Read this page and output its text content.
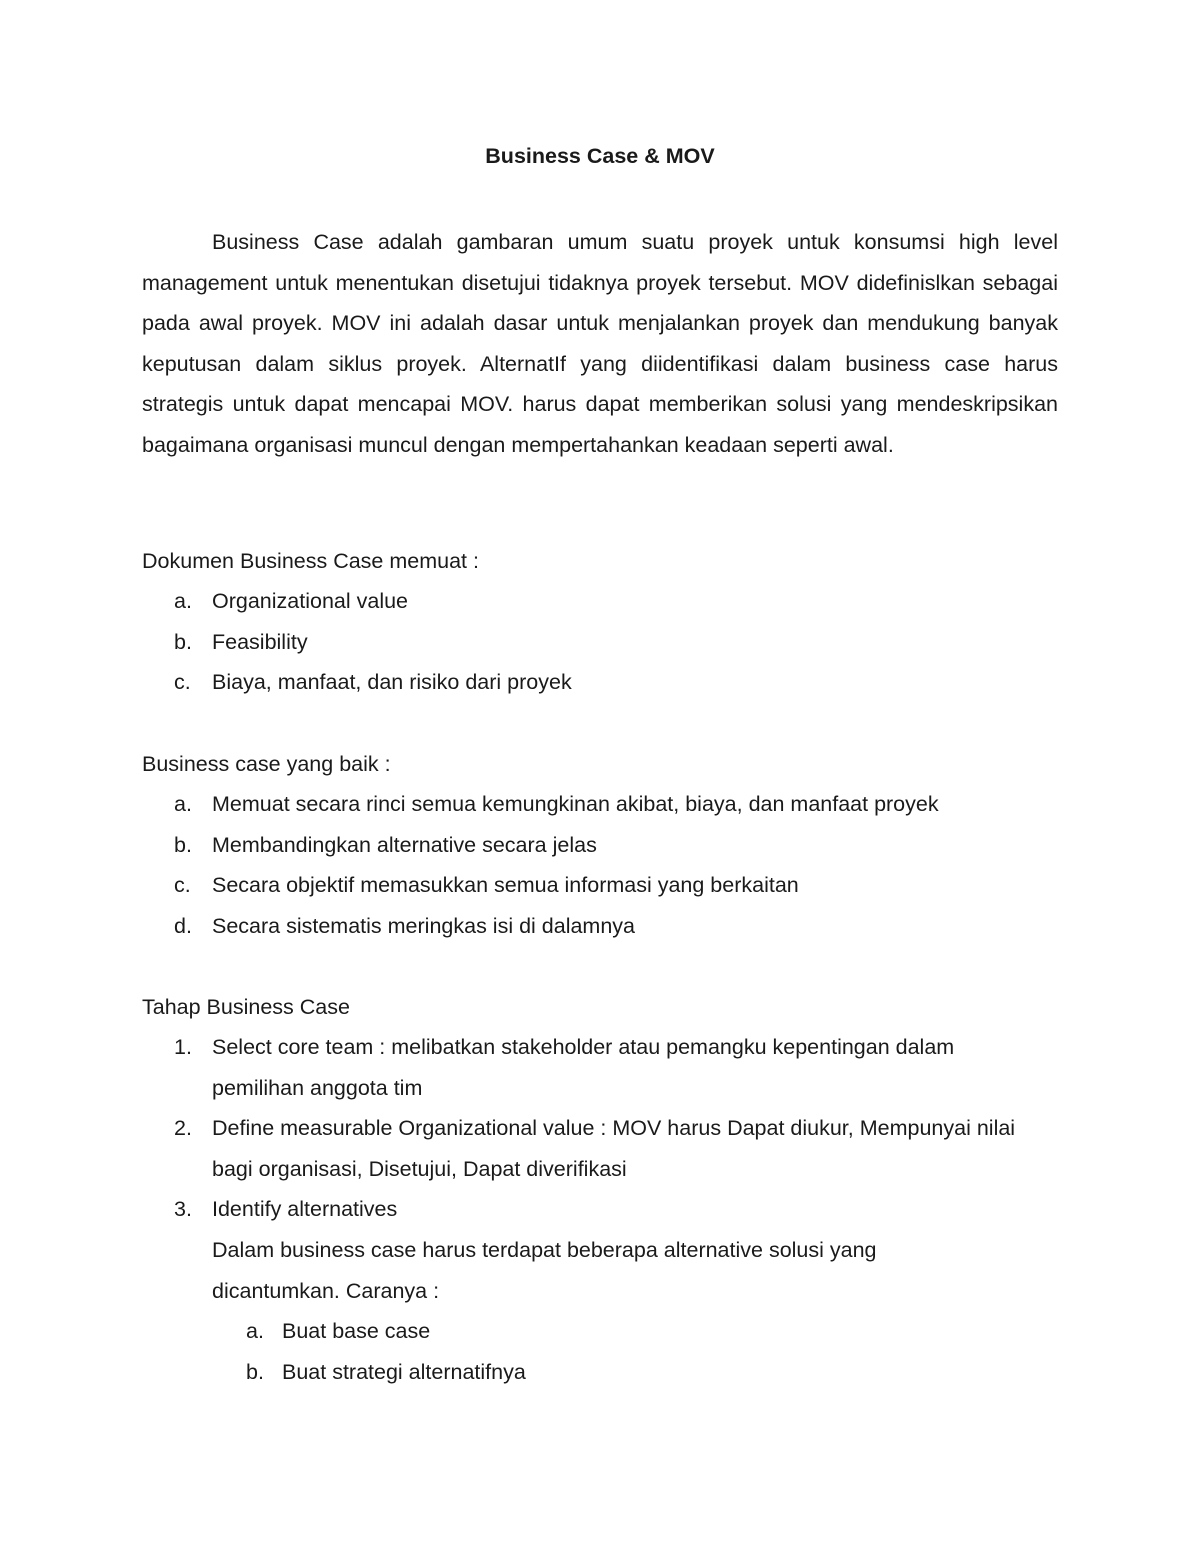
Business Case & MOV

Business Case adalah gambaran umum suatu proyek untuk konsumsi high level management untuk menentukan disetujui tidaknya proyek tersebut. MOV didefinislkan sebagai pada awal proyek. MOV ini adalah dasar untuk menjalankan proyek dan mendukung banyak keputusan dalam siklus proyek. AlternatIf yang diidentifikasi dalam business case harus strategis untuk dapat mencapai MOV. harus dapat memberikan solusi yang mendeskripsikan bagaimana organisasi muncul dengan mempertahankan keadaan seperti awal.

Dokumen Business Case memuat :

a. Organizational value
b. Feasibility
c. Biaya, manfaat, dan risiko dari proyek

Business case yang baik :

a. Memuat secara rinci semua kemungkinan akibat, biaya, dan manfaat proyek
b. Membandingkan alternative secara jelas
c. Secara objektif memasukkan semua informasi yang berkaitan
d. Secara sistematis meringkas isi di dalamnya

Tahap Business Case

1. Select core team : melibatkan stakeholder atau pemangku kepentingan dalam pemilihan anggota tim
2. Define measurable Organizational value : MOV harus Dapat diukur, Mempunyai nilai bagi organisasi, Disetujui, Dapat diverifikasi
3. Identify alternatives
Dalam business case harus terdapat beberapa alternative solusi yang dicantumkan. Caranya :
a. Buat base case
b. Buat strategi alternatifnya
